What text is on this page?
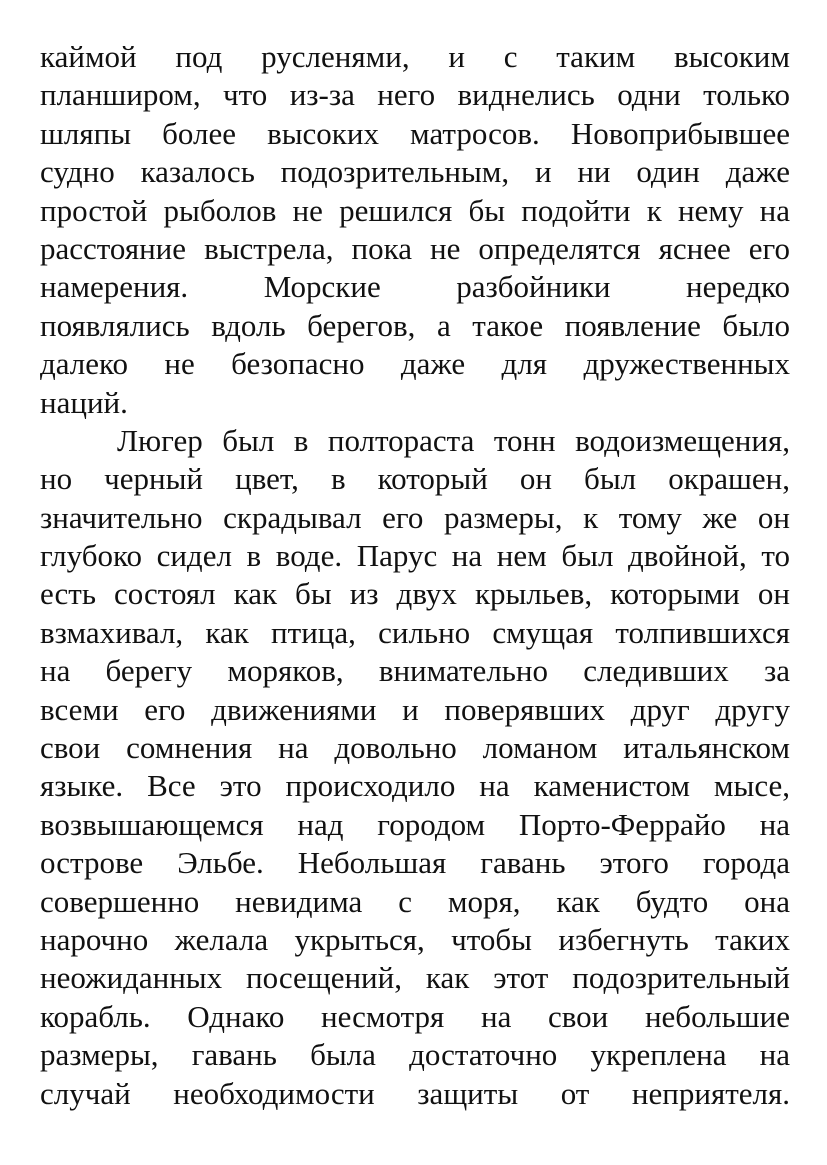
каймой под русленями, и с таким высоким
планширом, что из-за него виднелись одни только
шляпы более высоких матросов. Новоприбывшее
судно казалось подозрительным, и ни один даже
простой рыболов не решился бы подойти к нему на
расстояние выстрела, пока не определятся яснее его
намерения. Морские разбойники нередко
появлялись вдоль берегов, а такое появление было
далеко не безопасно даже для дружественных
наций.
Люгер был в полтораста тонн водоизмещения,
но черный цвет, в который он был окрашен,
значительно скрадывал его размеры, к тому же он
глубоко сидел в воде. Парус на нем был двойной, то
есть состоял как бы из двух крыльев, которыми он
взмахивал, как птица, сильно смущая толпившихся
на берегу моряков, внимательно следивших за
всеми его движениями и поверявших друг другу
свои сомнения на довольно ломаном итальянском
языке. Все это происходило на каменистом мысе,
возвышающемся над городом Порто-Феррайо на
острове Эльбе. Небольшая гавань этого города
совершенно невидима с моря, как будто она
нарочно желала укрыться, чтобы избегнуть таких
неожиданных посещений, как этот подозрительный
корабль. Однако несмотря на свои небольшие
размеры, гавань была достаточно укреплена на
случай необходимости защиты от неприятеля.
